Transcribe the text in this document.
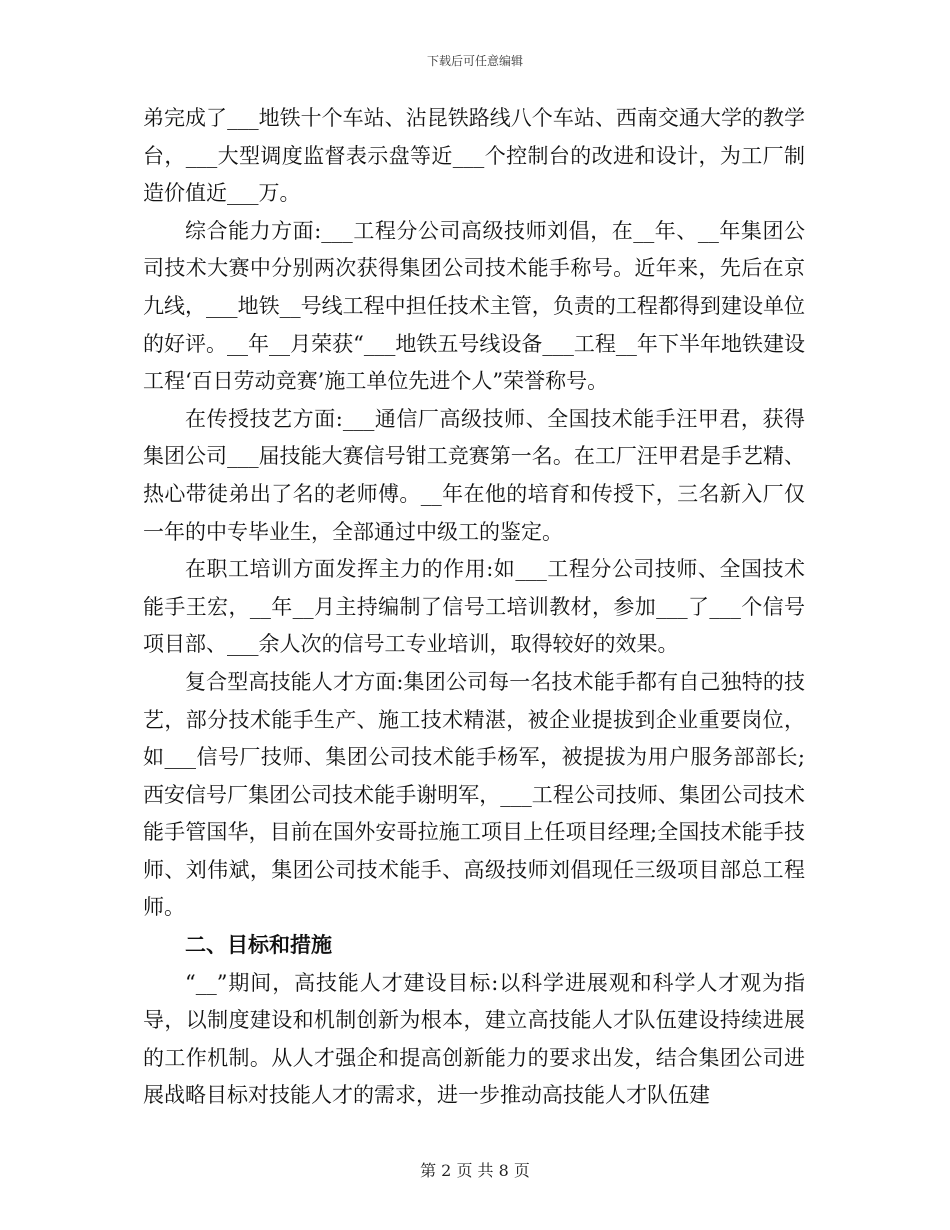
下载后可任意编辑

弟完成了___地铁十个车站、沾昆铁路线八个车站、西南交通大学的教学台，___大型调度监督表示盘等近___个控制台的改进和设计，为工厂制造价值近___万。

综合能力方面:___工程分公司高级技师刘倡，在__年、__年集团公司技术大赛中分别两次获得集团公司技术能手称号。近年来，先后在京九线，___地铁__号线工程中担任技术主管，负责的工程都得到建设单位的好评。__年__月荣获“___地铁五号线设备___工程__年下半年地铁建设工程‘百日劳动竞赛’施工单位先进个人”荣誉称号。

在传授技艺方面:___通信厂高级技师、全国技术能手汪甲君，获得集团公司___届技能大赛信号钳工竞赛第一名。在工厂汪甲君是手艺精、热心带徒弟出了名的老师傅。__年在他的培育和传授下，三名新入厂仅一年的中专毕业生，全部通过中级工的鉴定。

在职工培训方面发挥主力的作用:如___工程分公司技师、全国技术能手王宏，__年__月主持编制了信号工培训教材，参加___了___个信号项目部、___余人次的信号工专业培训，取得较好的效果。

复合型高技能人才方面:集团公司每一名技术能手都有自己独特的技艺，部分技术能手生产、施工技术精湛，被企业提拔到企业重要岗位，如___信号厂技师、集团公司技术能手杨军，被提拔为用户服务部部长;西安信号厂集团公司技术能手谢明军，___工程公司技师、集团公司技术能手管国华，目前在国外安哥拉施工项目上任项目经理;全国技术能手技师、刘伟斌，集团公司技术能手、高级技师刘倡现任三级项目部总工程师。

二、目标和措施

“__”期间，高技能人才建设目标:以科学进展观和科学人才观为指导，以制度建设和机制创新为根本，建立高技能人才队伍建设持续进展的工作机制。从人才强企和提高创新能力的要求出发，结合集团公司进展战略目标对技能人才的需求，进一步推动高技能人才队伍建

第 2 页 共 8 页
